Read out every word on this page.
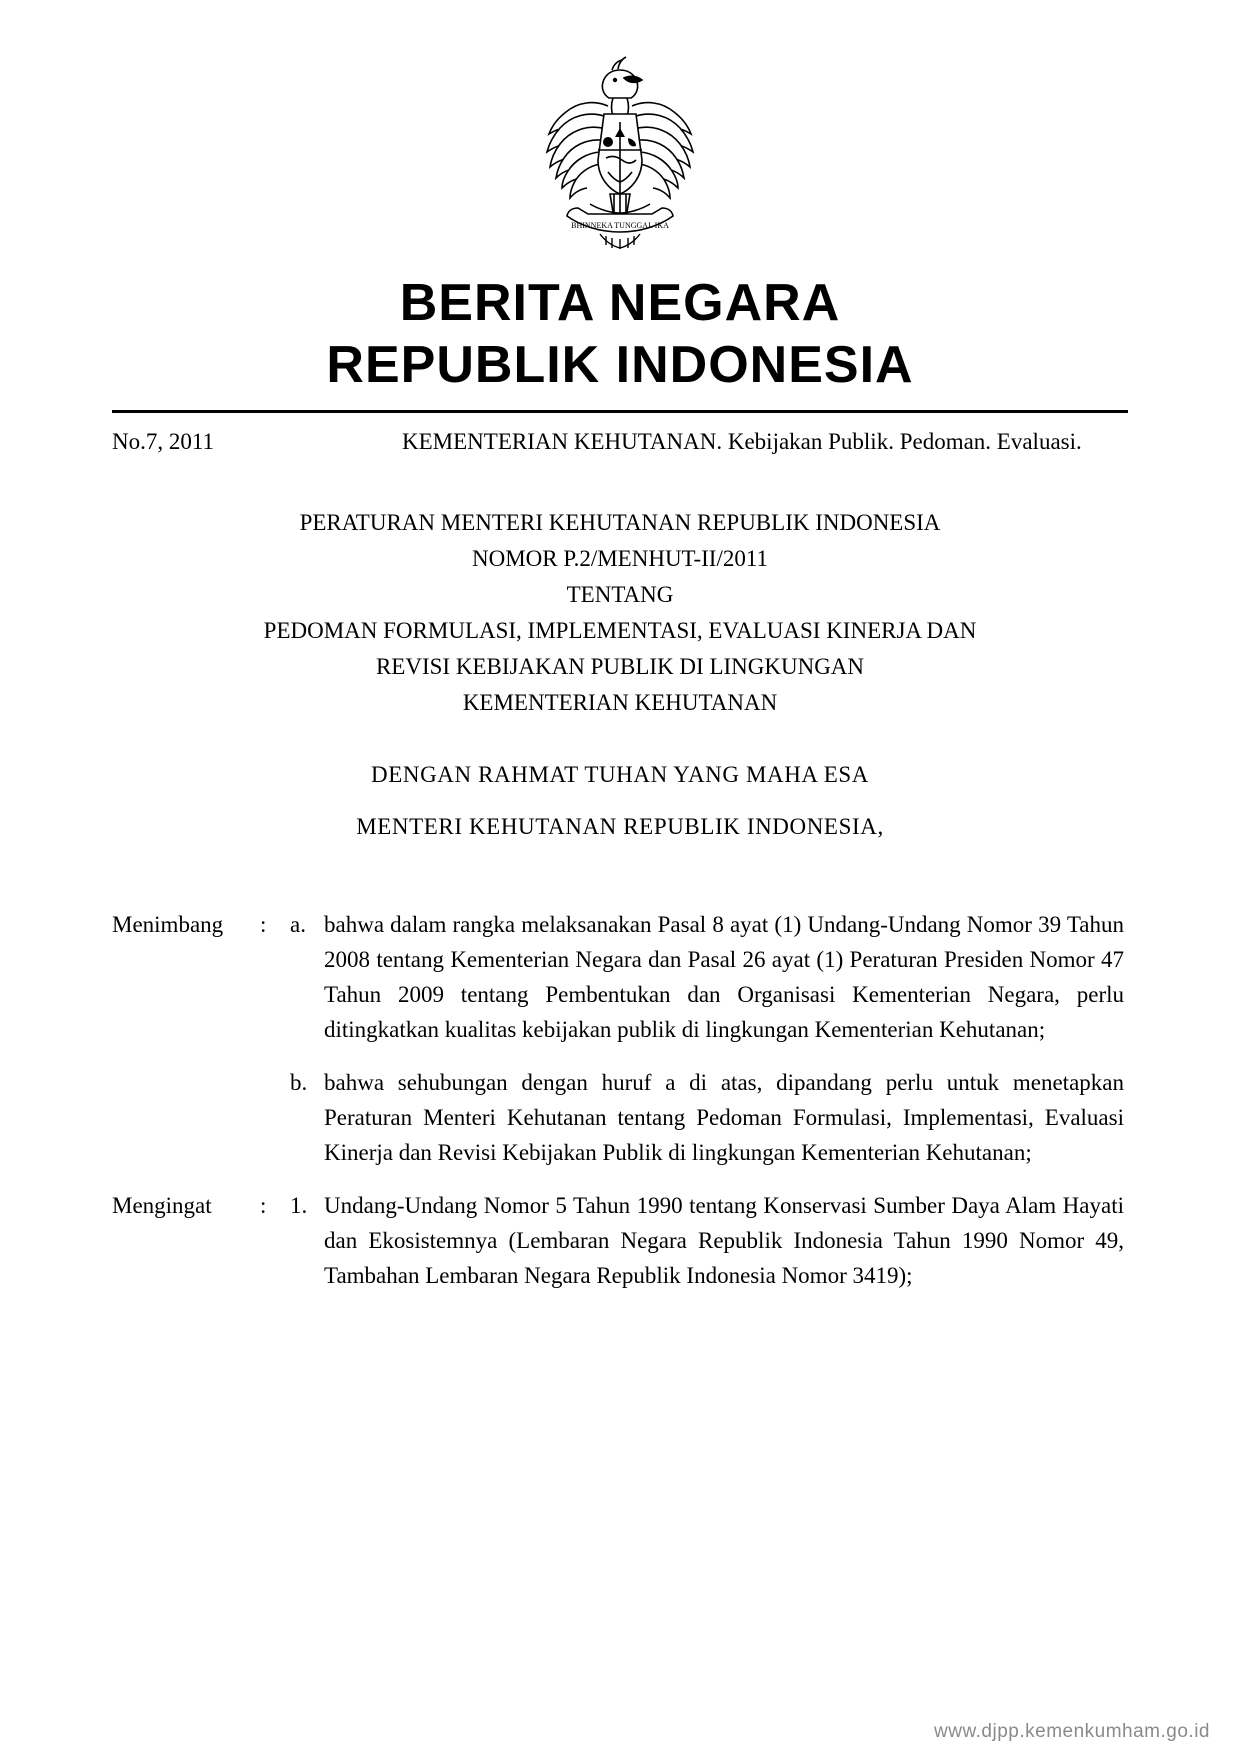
BHINNEKA TUNGGAL IKA
BERITA NEGARA
REPUBLIK INDONESIA
No.7, 2011	KEMENTERIAN KEHUTANAN. Kebijakan Publik. Pedoman. Evaluasi.
PERATURAN MENTERI KEHUTANAN REPUBLIK INDONESIA
NOMOR P.2/MENHUT-II/2011
TENTANG
PEDOMAN FORMULASI, IMPLEMENTASI, EVALUASI KINERJA DAN
REVISI KEBIJAKAN PUBLIK DI LINGKUNGAN
KEMENTERIAN KEHUTANAN
DENGAN RAHMAT TUHAN YANG MAHA ESA
MENTERI KEHUTANAN REPUBLIK INDONESIA,
Menimbang	:	a. bahwa dalam rangka melaksanakan Pasal 8 ayat (1) Undang-Undang Nomor 39 Tahun 2008 tentang Kementerian Negara dan Pasal 26 ayat (1) Peraturan Presiden Nomor 47 Tahun 2009 tentang Pembentukan dan Organisasi Kementerian Negara, perlu ditingkatkan kualitas kebijakan publik di lingkungan Kementerian Kehutanan;
b. bahwa sehubungan dengan huruf a di atas, dipandang perlu untuk menetapkan Peraturan Menteri Kehutanan tentang Pedoman Formulasi, Implementasi, Evaluasi Kinerja dan Revisi Kebijakan Publik di lingkungan Kementerian Kehutanan;
Mengingat	:	1. Undang-Undang Nomor 5 Tahun 1990 tentang Konservasi Sumber Daya Alam Hayati dan Ekosistemnya (Lembaran Negara Republik Indonesia Tahun 1990 Nomor 49, Tambahan Lembaran Negara Republik Indonesia Nomor 3419);
www.djpp.kemenkumham.go.id
